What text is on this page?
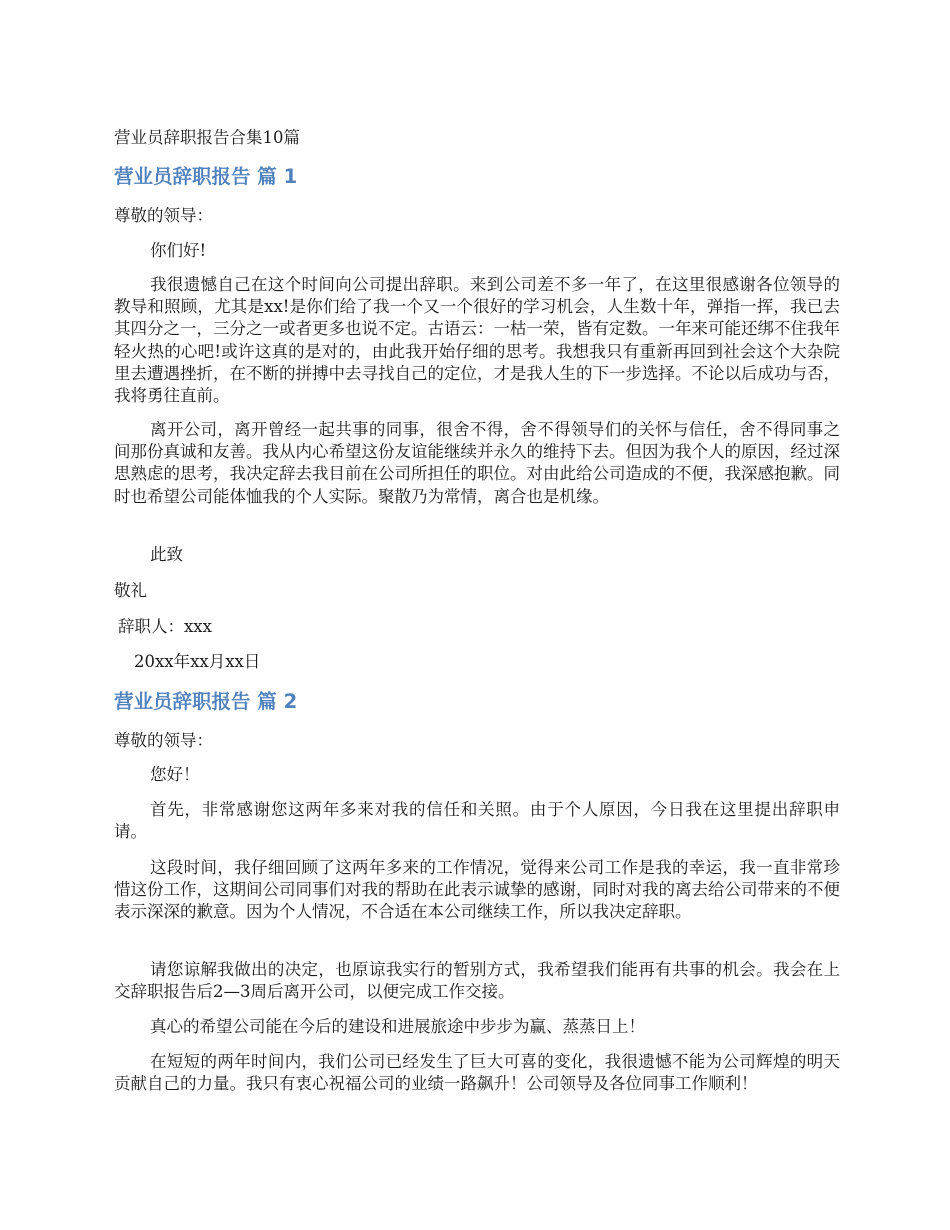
营业员辞职报告合集10篇
营业员辞职报告 篇 1
尊敬的领导：
你们好!
我很遗憾自己在这个时间向公司提出辞职。来到公司差不多一年了，在这里很感谢各位领导的教导和照顾，尤其是xx!是你们给了我一个又一个很好的学习机会，人生数十年，弹指一挥，我已去其四分之一，三分之一或者更多也说不定。古语云：一枯一荣，皆有定数。一年来可能还绑不住我年轻火热的心吧!或许这真的是对的，由此我开始仔细的思考。我想我只有重新再回到社会这个大杂院里去遭遇挫折，在不断的拼搏中去寻找自己的定位，才是我人生的下一步选择。不论以后成功与否，我将勇往直前。
离开公司，离开曾经一起共事的同事，很舍不得，舍不得领导们的关怀与信任，舍不得同事之间那份真诚和友善。我从内心希望这份友谊能继续并永久的维持下去。但因为我个人的原因，经过深思熟虑的思考，我决定辞去我目前在公司所担任的职位。对由此给公司造成的不便，我深感抱歉。同时也希望公司能体恤我的个人实际。聚散乃为常情，离合也是机缘。
此致
敬礼
辞职人：xxx
20xx年xx月xx日
营业员辞职报告 篇 2
尊敬的领导：
您好！
首先，非常感谢您这两年多来对我的信任和关照。由于个人原因，今日我在这里提出辞职申请。
这段时间，我仔细回顾了这两年多来的工作情况，觉得来公司工作是我的幸运，我一直非常珍惜这份工作，这期间公司同事们对我的帮助在此表示诚挚的感谢，同时对我的离去给公司带来的不便表示深深的歉意。因为个人情况，不合适在本公司继续工作，所以我决定辞职。
请您谅解我做出的决定，也原谅我实行的暂别方式，我希望我们能再有共事的机会。我会在上交辞职报告后2—3周后离开公司，以便完成工作交接。
真心的希望公司能在今后的建设和进展旅途中步步为赢、蒸蒸日上！
在短短的两年时间内，我们公司已经发生了巨大可喜的变化，我很遗憾不能为公司辉煌的明天贡献自己的力量。我只有衷心祝福公司的业绩一路飙升！公司领导及各位同事工作顺利！
